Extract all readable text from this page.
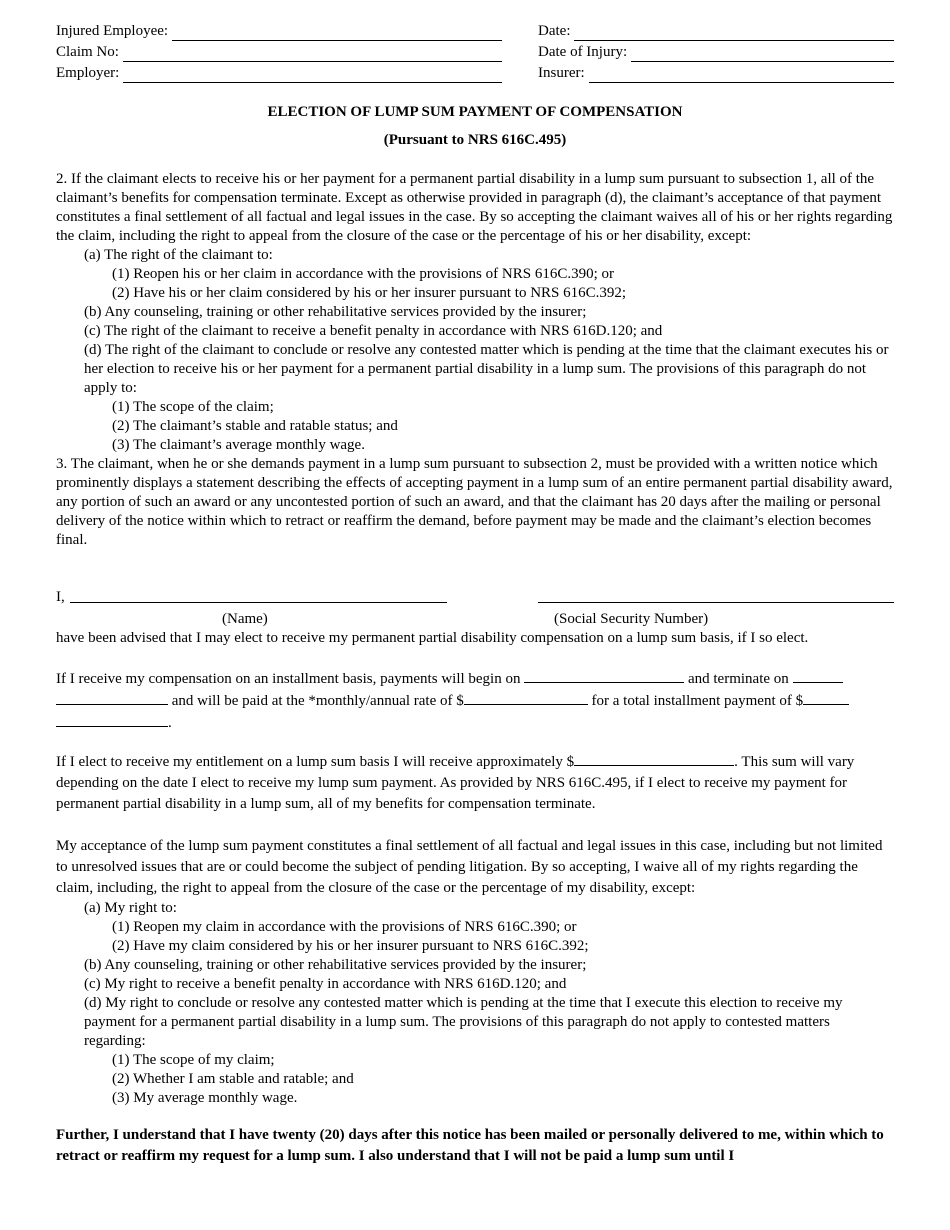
Injured Employee:
Claim No:
Employer:
Date:
Date of Injury:
Insurer:
ELECTION OF LUMP SUM PAYMENT OF COMPENSATION
(Pursuant to NRS 616C.495)

2. If the claimant elects to receive his or her payment for a permanent partial disability in a lump sum pursuant to subsection 1, all of the claimant’s benefits for compensation terminate. Except as otherwise provided in paragraph (d), the claimant’s acceptance of that payment constitutes a final settlement of all factual and legal issues in the case. By so accepting the claimant waives all of his or her rights regarding the claim, including the right to appeal from the closure of the case or the percentage of his or her disability, except:

(a) The right of the claimant to:

(1) Reopen his or her claim in accordance with the provisions of NRS 616C.390; or

(2) Have his or her claim considered by his or her insurer pursuant to NRS 616C.392;

(b) Any counseling, training or other rehabilitative services provided by the insurer;

(c) The right of the claimant to receive a benefit penalty in accordance with NRS 616D.120; and

(d) The right of the claimant to conclude or resolve any contested matter which is pending at the time that the claimant executes his or her election to receive his or her payment for a permanent partial disability in a lump sum. The provisions of this paragraph do not apply to:

(1) The scope of the claim;

(2) The claimant’s stable and ratable status; and

(3) The claimant’s average monthly wage.

3. The claimant, when he or she demands payment in a lump sum pursuant to subsection 2, must be provided with a written notice which prominently displays a statement describing the effects of accepting payment in a lump sum of an entire permanent partial disability award, any portion of such an award or any uncontested portion of such an award, and that the claimant has 20 days after the mailing or personal delivery of the notice within which to retract or reaffirm the demand, before payment may be made and the claimant’s election becomes final.

I,
(Name)	(Social Security Number)

have been advised that I may elect to receive my permanent partial disability compensation on a lump sum basis, if I so elect.

If I receive my compensation on an installment basis, payments will begin on	and terminate on
and will be paid at the *monthly/annual rate of $	for a total installment payment of $
.

If I elect to receive my entitlement on a lump sum basis I will receive approximately $	. This sum will vary depending on the date I elect to receive my lump sum payment. As provided by NRS 616C.495, if I elect to receive my payment for permanent partial disability in a lump sum, all of my benefits for compensation terminate.

My acceptance of the lump sum payment constitutes a final settlement of all factual and legal issues in this case, including but not limited to unresolved issues that are or could become the subject of pending litigation. By so accepting, I waive all of my rights regarding the claim, including, the right to appeal from the closure of the case or the percentage of my disability, except:

(a) My right to:

(1) Reopen my claim in accordance with the provisions of NRS 616C.390; or

(2) Have my claim considered by his or her insurer pursuant to NRS 616C.392;

(b) Any counseling, training or other rehabilitative services provided by the insurer;

(c) My right to receive a benefit penalty in accordance with NRS 616D.120; and

(d) My right to conclude or resolve any contested matter which is pending at the time that I execute this election to receive my payment for a permanent partial disability in a lump sum. The provisions of this paragraph do not apply to contested matters regarding:

(1) The scope of my claim;

(2) Whether I am stable and ratable; and

(3) My average monthly wage.

Further, I understand that I have twenty (20) days after this notice has been mailed or personally delivered to me, within which to retract or reaffirm my request for a lump sum. I also understand that I will not be paid a lump sum until I
